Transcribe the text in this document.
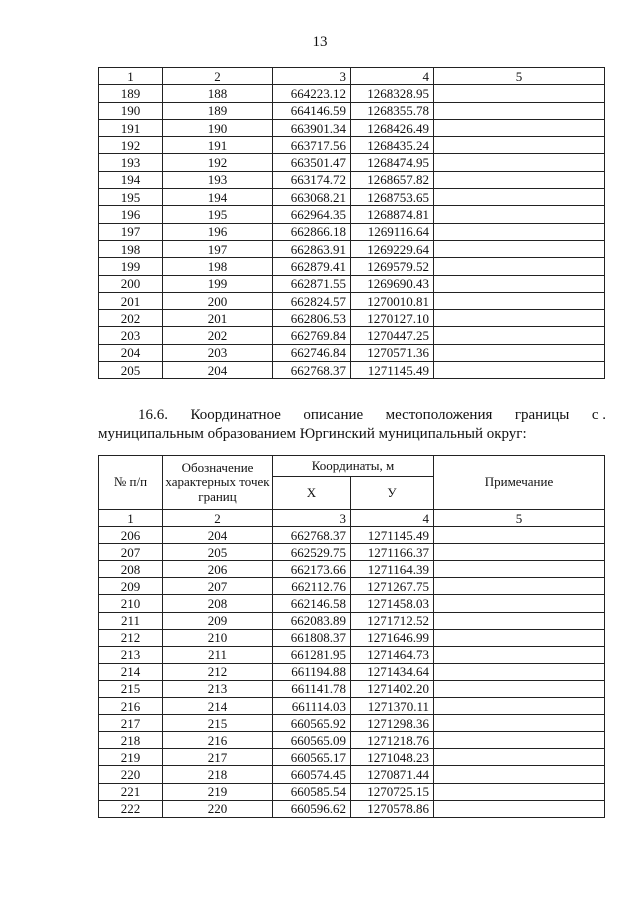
13
1	2	3	4	5
189	188	664223.12	1268328.95	
190	189	664146.59	1268355.78	
191	190	663901.34	1268426.49	
192	191	663717.56	1268435.24	
193	192	663501.47	1268474.95	
194	193	663174.72	1268657.82	
195	194	663068.21	1268753.65	
196	195	662964.35	1268874.81	
197	196	662866.18	1269116.64	
198	197	662863.91	1269229.64	
199	198	662879.41	1269579.52	
200	199	662871.55	1269690.43	
201	200	662824.57	1270010.81	
202	201	662806.53	1270127.10	
203	202	662769.84	1270447.25	
204	203	662746.84	1270571.36	
205	204	662768.37	1271145.49	
16.6. Координатное описание местоположения границы с .
муниципальным образованием Юргинский муниципальный округ:
№ п/п	Обозначение характерных точек границ	Координаты, м		Примечание
		Х	У	
1	2	3	4	5
206	204	662768.37	1271145.49	
207	205	662529.75	1271166.37	
208	206	662173.66	1271164.39	
209	207	662112.76	1271267.75	
210	208	662146.58	1271458.03	
211	209	662083.89	1271712.52	
212	210	661808.37	1271646.99	
213	211	661281.95	1271464.73	
214	212	661194.88	1271434.64	
215	213	661141.78	1271402.20	
216	214	661114.03	1271370.11	
217	215	660565.92	1271298.36	
218	216	660565.09	1271218.76	
219	217	660565.17	1271048.23	
220	218	660574.45	1270871.44	
221	219	660585.54	1270725.15	
222	220	660596.62	1270578.86	
